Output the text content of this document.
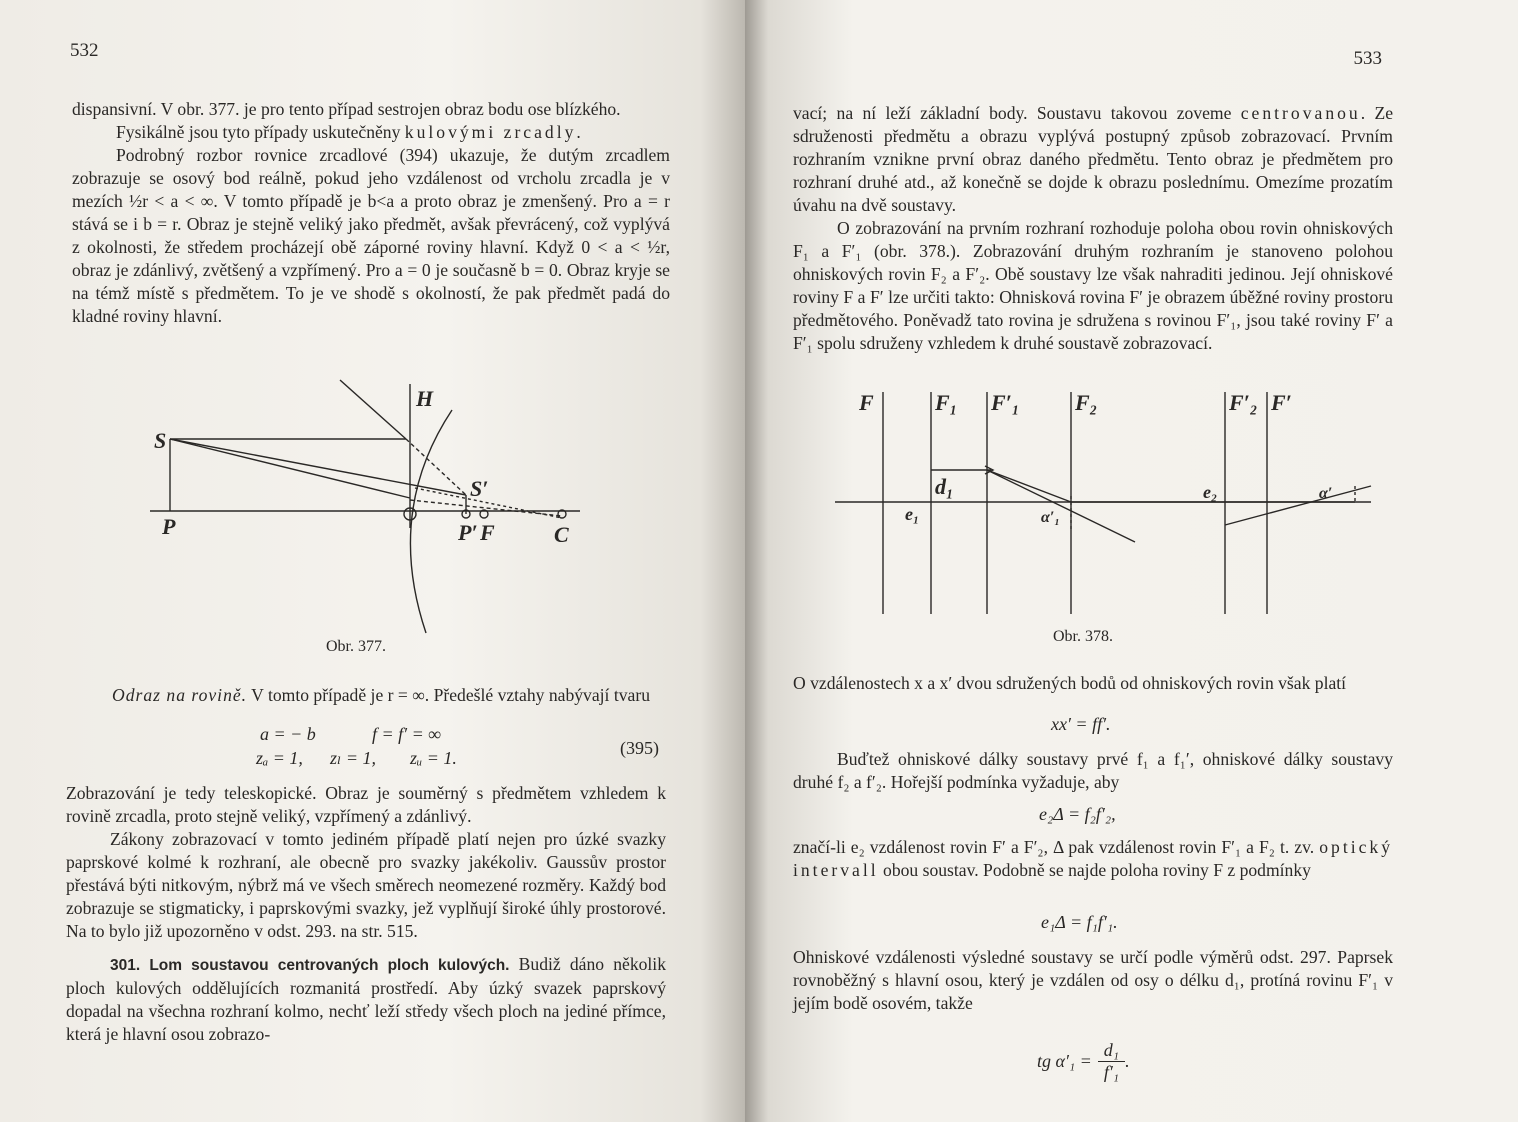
532

dispansivní. V obr. 377. je pro tento případ sestrojen obraz bodu ose blízkého.

Fysikálně jsou tyto případy uskutečněny kulovými zrcadly.

Podrobný rozbor rovnice zrcadlové (394) ukazuje, že dutým zrcadlem zobrazuje se osový bod reálně, pokud jeho vzdálenost od vrcholu zrcadla je v mezích ½r < a < ∞. V tomto případě je b<a a proto obraz je zmenšený. Pro a = r stává se i b = r. Obraz je stejně veliký jako předmět, avšak převrácený, což vyplývá z okolnosti, že středem procházejí obě záporné roviny hlavní. Když 0 < a < ½r, obraz je zdánlivý, zvětšený a vzpřímený. Pro a = 0 je současně b = 0. Obraz kryje se na témž místě s předmětem. To je ve shodě s okolností, že pak předmět padá do kladné roviny hlavní.

H
S
S′
P	P′ F	C
Obr. 377.

Odraz na rovině. V tomto případě je r = ∞. Předešlé vztahy nabývají tvaru

a = − b	f = f′ = ∞
zₐ = 1, zₗ = 1, zᵤ = 1.	(395)

Zobrazování je tedy teleskopické. Obraz je souměrný s předmětem vzhledem k rovině zrcadla, proto stejně veliký, vzpřímený a zdánlivý.

Zákony zobrazovací v tomto jediném případě platí nejen pro úzké svazky paprskové kolmé k rozhraní, ale obecně pro svazky jakékoliv. Gaussův prostor přestává býti nitkovým, nýbrž má ve všech směrech neomezené rozměry. Každý bod zobrazuje se stigmaticky, i paprskovými svazky, jež vyplňují široké úhly prostorové. Na to bylo již upozorněno v odst. 293. na str. 515.

301. Lom soustavou centrovaných ploch kulových. Budiž dáno několik ploch kulových oddělujících rozmanitá prostředí. Aby úzký svazek paprskový dopadal na všechna rozhraní kolmo, nechť leží středy všech ploch na jediné přímce, která je hlavní osou zobrazo-

533

vací; na ní leží základní body. Soustavu takovou zoveme centrovanou. Ze sdruženosti předmětu a obrazu vyplývá postupný způsob zobrazovací. Prvním rozhraním vznikne první obraz daného předmětu. Tento obraz je předmětem pro rozhraní druhé atd., až konečně se dojde k obrazu poslednímu. Omezíme prozatím úvahu na dvě soustavy.

O zobrazování na prvním rozhraní rozhoduje poloha obou rovin ohniskových F₁ a F′₁ (obr. 378.). Zobrazování druhým rozhraním je stanoveno polohou ohniskových rovin F₂ a F′₂. Obě soustavy lze však nahraditi jedinou. Její ohniskové roviny F a F′ lze určiti takto: Ohnisková rovina F′ je obrazem úběžné roviny prostoru předmětového. Poněvadž tato rovina je sdružena s rovinou F′₁, jsou také roviny F′ a F′₁ spolu sdruženy vzhledem k druhé soustavě zobrazovací.

F	F₁ F′₁	F₂	F′₂ F′
d₁
e₁	α′₁
e₂	α′
Obr. 378.

O vzdálenostech x a x′ dvou sdružených bodů od ohniskových rovin však platí

xx′ = ff′.

Buďtež ohniskové dálky soustavy prvé f₁ a f₁′, ohniskové dálky soustavy druhé f₂ a f′₂. Hořejší podmínka vyžaduje, aby

e₂Δ = f₂f′₂,

značí-li e₂ vzdálenost rovin F′ a F′₂, Δ pak vzdálenost rovin F′₁ a F₂ t. zv. optický intervall obou soustav. Podobně se najde poloha roviny F z podmínky

e₁Δ = f₁f′₁.

Ohniskové vzdálenosti výsledné soustavy se určí podle výměrů odst. 297. Paprsek rovnoběžný s hlavní osou, který je vzdálen od osy o délku d₁, protíná rovinu F′₁ v jejím bodě osovém, takže

tg $\alpha'_1 = \frac{\text{d₁}}{\text{f′₁}}$ .
